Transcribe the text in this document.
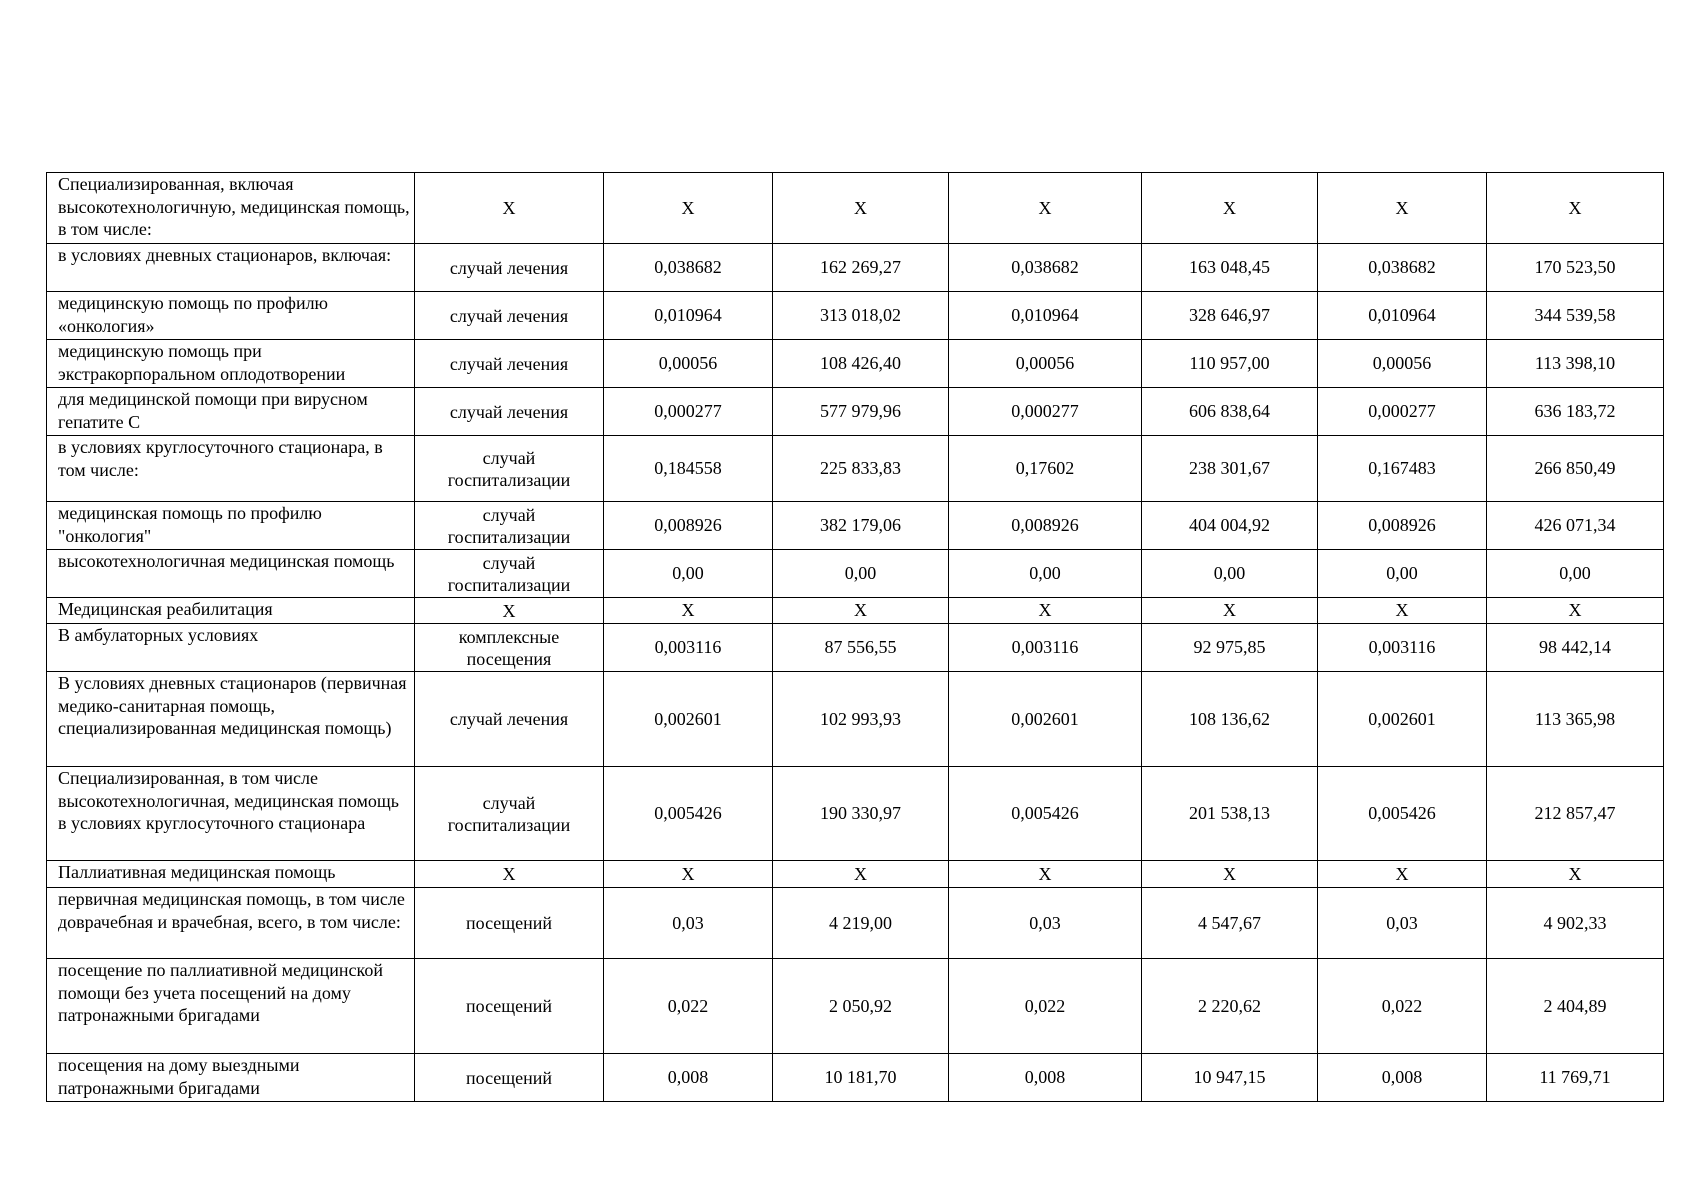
Специализированная, включая высокотехнологичную, медицинская помощь, в том числе:	Х	Х	Х	Х	Х	Х	Х
в условиях дневных стационаров, включая:	случай лечения	0,038682	162 269,27	0,038682	163 048,45	0,038682	170 523,50
медицинскую помощь по профилю «онкология»	случай лечения	0,010964	313 018,02	0,010964	328 646,97	0,010964	344 539,58
медицинскую помощь при экстракорпоральном оплодотворении	случай лечения	0,00056	108 426,40	0,00056	110 957,00	0,00056	113 398,10
для медицинской помощи при вирусном гепатите С	случай лечения	0,000277	577 979,96	0,000277	606 838,64	0,000277	636 183,72
в условиях круглосуточного стационара, в том числе:	случай госпитализации	0,184558	225 833,83	0,17602	238 301,67	0,167483	266 850,49
медицинская помощь по профилю "онкология"	случай госпитализации	0,008926	382 179,06	0,008926	404 004,92	0,008926	426 071,34
высокотехнологичная медицинская помощь	случай госпитализации	0,00	0,00	0,00	0,00	0,00	0,00
Медицинская реабилитация	Х	Х	Х	Х	Х	Х	Х
В амбулаторных условиях	комплексные посещения	0,003116	87 556,55	0,003116	92 975,85	0,003116	98 442,14
В условиях дневных стационаров (первичная медико-санитарная помощь, специализированная медицинская помощь)	случай лечения	0,002601	102 993,93	0,002601	108 136,62	0,002601	113 365,98
Специализированная, в том числе высокотехнологичная, медицинская помощь в условиях круглосуточного стационара	случай госпитализации	0,005426	190 330,97	0,005426	201 538,13	0,005426	212 857,47
Паллиативная медицинская помощь	Х	Х	Х	Х	Х	Х	Х
первичная медицинская помощь, в том числе доврачебная и врачебная, всего, в том числе:	посещений	0,03	4 219,00	0,03	4 547,67	0,03	4 902,33
посещение по паллиативной медицинской помощи без учета посещений на дому патронажными бригадами	посещений	0,022	2 050,92	0,022	2 220,62	0,022	2 404,89
посещения на дому выездными патронажными бригадами	посещений	0,008	10 181,70	0,008	10 947,15	0,008	11 769,71
